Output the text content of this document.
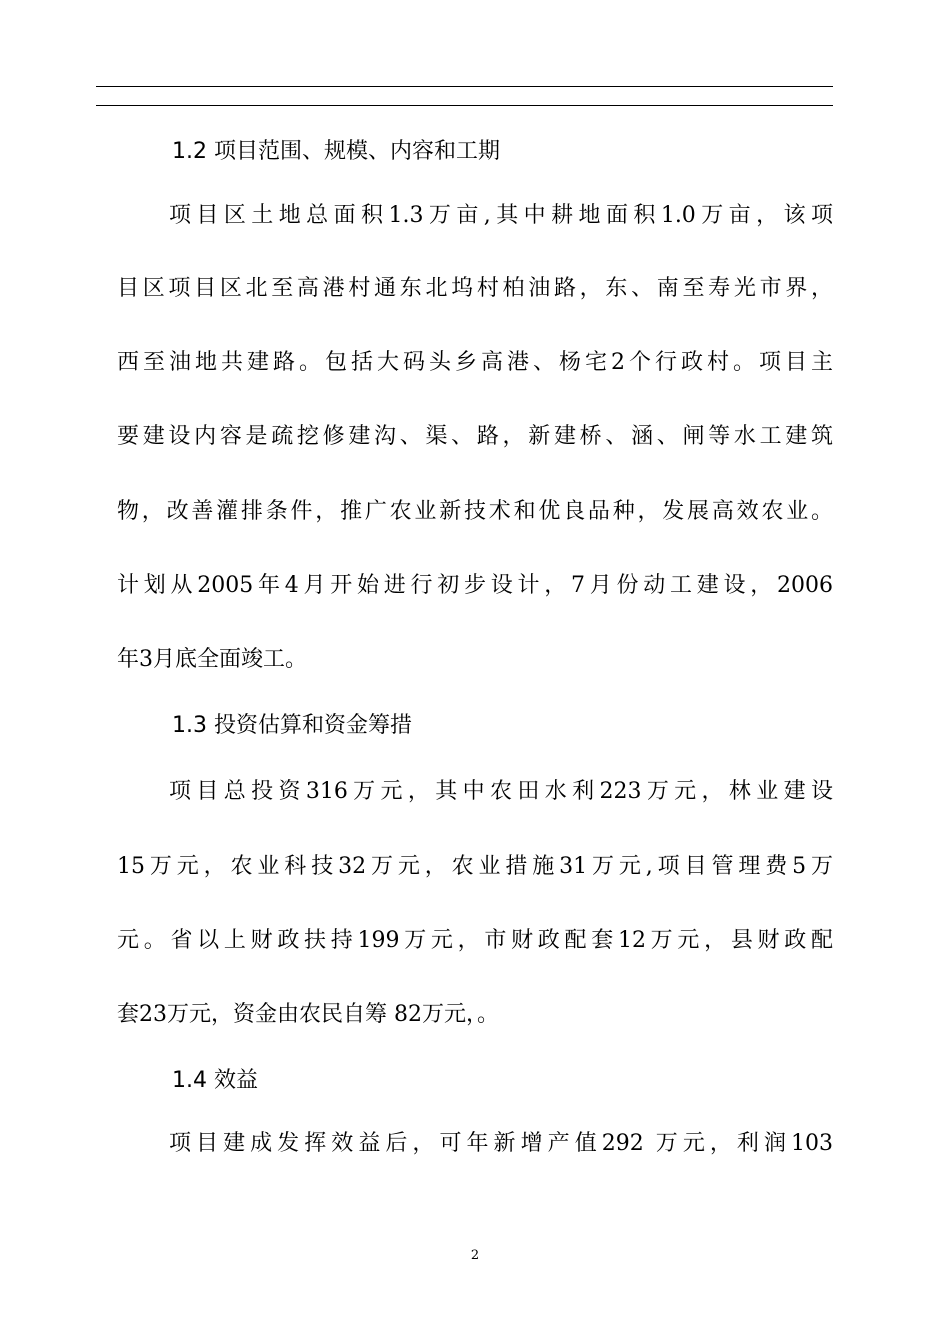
1.2 项目范围、规模、内容和工期
项目区土地总面积1.3万亩,其中耕地面积1.0万亩，该项
目区项目区北至高港村通东北坞村柏油路，东、南至寿光市界，
西至油地共建路。包括大码头乡高港、杨宅2个行政村。项目主
要建设内容是疏挖修建沟、渠、路，新建桥、涵、闸等水工建筑
物，改善灌排条件，推广农业新技术和优良品种，发展高效农业。
计划从2005年4月开始进行初步设计，7月份动工建设，2006
年3月底全面竣工。
1.3 投资估算和资金筹措
项目总投资316万元，其中农田水利223万元，林业建设
15万元，农业科技32万元，农业措施31万元,项目管理费5万
元。省以上财政扶持199万元，市财政配套12万元，县财政配
套23万元，资金由农民自筹 82万元，。
1.4 效益
项目建成发挥效益后，可年新增产值292 万元，利润103
2
